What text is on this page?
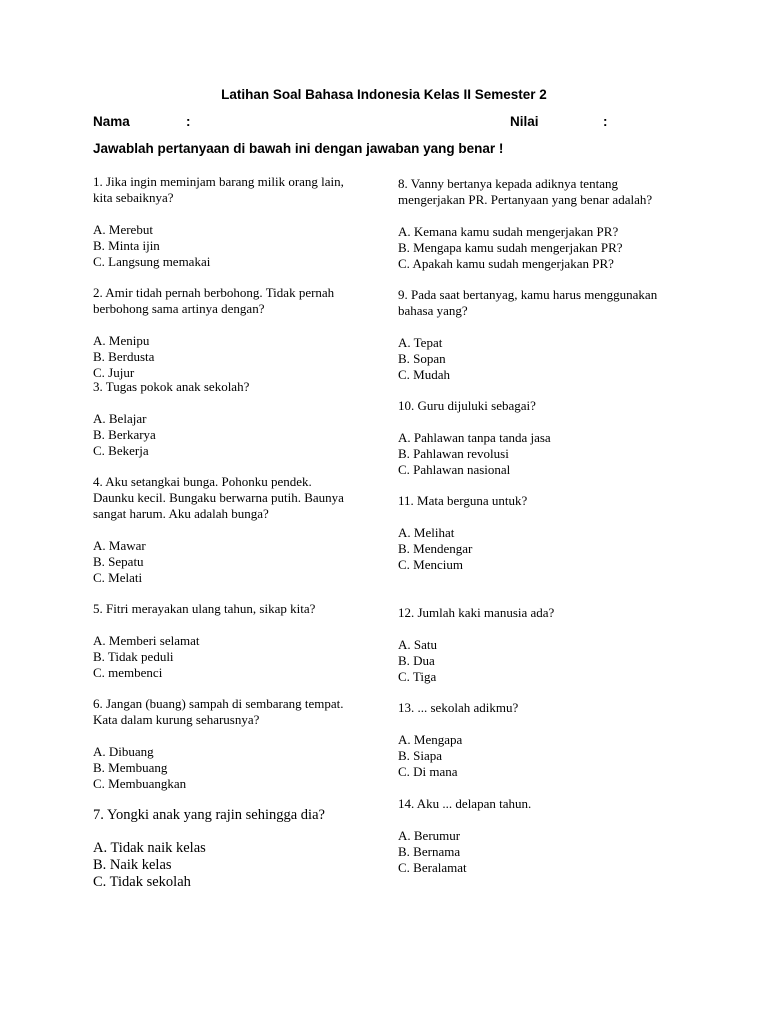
Latihan Soal Bahasa Indonesia Kelas II Semester 2
Nama	:	Nilai	:
Jawablah pertanyaan di bawah ini dengan jawaban yang benar !
1. Jika ingin meminjam barang milik orang lain,
kita sebaiknya?
A. Merebut
B. Minta ijin
C. Langsung memakai
2. Amir tidah pernah berbohong. Tidak pernah
berbohong sama artinya dengan?
A. Menipu
B. Berdusta
C. Jujur
3. Tugas pokok anak sekolah?
A. Belajar
B. Berkarya
C. Bekerja
4. Aku setangkai bunga. Pohonku pendek.
Daunku kecil. Bungaku berwarna putih. Baunya
sangat harum. Aku adalah bunga?
A. Mawar
B. Sepatu
C. Melati
5. Fitri merayakan ulang tahun, sikap kita?
A. Memberi selamat
B. Tidak peduli
C. membenci
6. Jangan (buang) sampah di sembarang tempat.
Kata dalam kurung seharusnya?
A. Dibuang
B. Membuang
C. Membuangkan
7. Yongki anak yang rajin sehingga dia?
A. Tidak naik kelas
B. Naik kelas
C. Tidak sekolah
8. Vanny bertanya kepada adiknya tentang
mengerjakan PR. Pertanyaan yang benar adalah?
A. Kemana kamu sudah mengerjakan PR?
B. Mengapa kamu sudah mengerjakan PR?
C. Apakah kamu sudah mengerjakan PR?
9. Pada saat bertanyag, kamu harus menggunakan
bahasa yang?
A. Tepat
B. Sopan
C. Mudah
10. Guru dijuluki sebagai?
A. Pahlawan tanpa tanda jasa
B. Pahlawan revolusi
C. Pahlawan nasional
11. Mata berguna untuk?
A. Melihat
B. Mendengar
C. Mencium
12. Jumlah kaki manusia ada?
A. Satu
B. Dua
C. Tiga
13. ... sekolah adikmu?
A. Mengapa
B. Siapa
C. Di mana
14. Aku ... delapan tahun.
A. Berumur
B. Bernama
C. Beralamat
